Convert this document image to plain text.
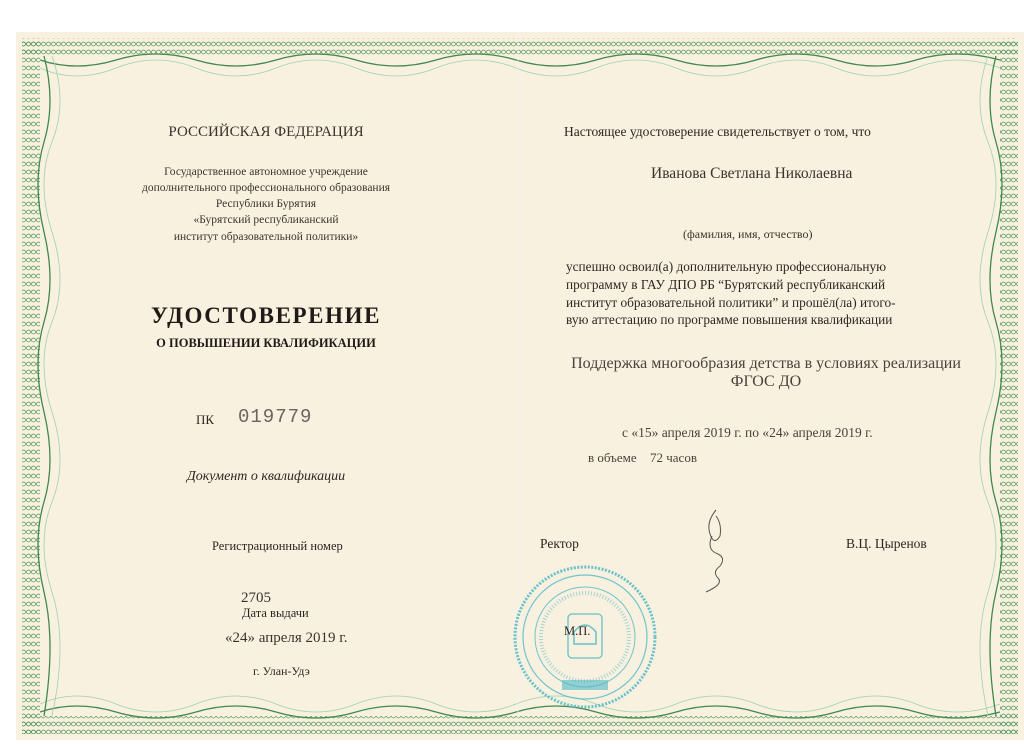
РОССИЙСКАЯ ФЕДЕРАЦИЯ
Государственное автономное учреждение
дополнительного профессионального образования
Республики Бурятия
«Бурятский республиканский
институт образовательной политики»
УДОСТОВЕРЕНИЕ
О ПОВЫШЕНИИ КВАЛИФИКАЦИИ
ПК 019779
Документ о квалификации
Регистрационный номер
2705
Дата выдачи
«24» апреля 2019 г.
г. Улан-Удэ
Настоящее удостоверение свидетельствует о том, что
Иванова Светлана Николаевна
(фамилия, имя, отчество)
успешно освоил(а) дополнительную профессиональную
программу в ГАУ ДПО РБ “Бурятский республиканский
институт образовательной политики” и прошёл(ла) итого-
вую аттестацию по программе повышения квалификации
Поддержка многообразия детства в условиях реализации
ФГОС ДО
с «15» апреля 2019 г. по «24» апреля 2019 г.
в объеме 72 часов
Ректор	В.Ц. Цыренов
М.П.
